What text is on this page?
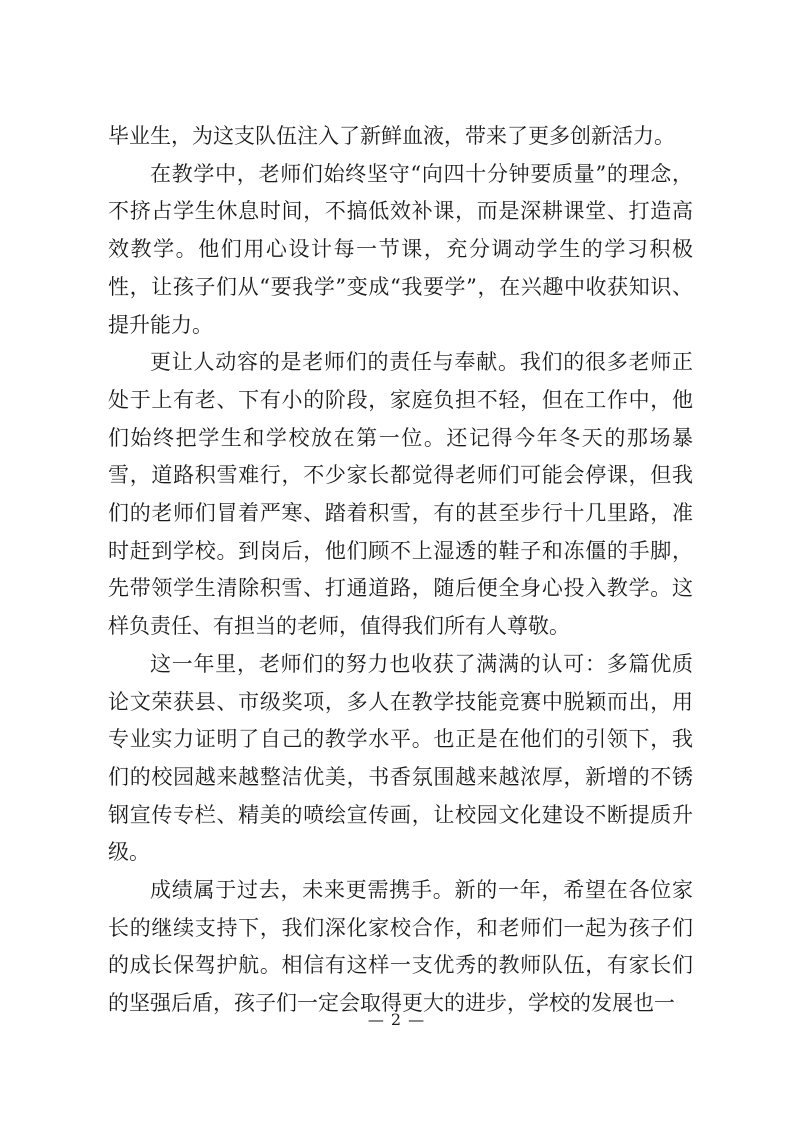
毕业生，为这支队伍注入了新鲜血液，带来了更多创新活力。

在教学中，老师们始终坚守“向四十分钟要质量”的理念，不挤占学生休息时间，不搞低效补课，而是深耕课堂、打造高效教学。他们用心设计每一节课，充分调动学生的学习积极性，让孩子们从“要我学”变成“我要学”，在兴趣中收获知识、提升能力。

更让人动容的是老师们的责任与奉献。我们的很多老师正处于上有老、下有小的阶段，家庭负担不轻，但在工作中，他们始终把学生和学校放在第一位。还记得今年冬天的那场暴雪，道路积雪难行，不少家长都觉得老师们可能会停课，但我们的老师们冒着严寒、踏着积雪，有的甚至步行十几里路，准时赶到学校。到岗后，他们顾不上湿透的鞋子和冻僵的手脚，先带领学生清除积雪、打通道路，随后便全身心投入教学。这样负责任、有担当的老师，值得我们所有人尊敬。

这一年里，老师们的努力也收获了满满的认可：多篇优质论文荣获县、市级奖项，多人在教学技能竞赛中脱颖而出，用专业实力证明了自己的教学水平。也正是在他们的引领下，我们的校园越来越整洁优美，书香氛围越来越浓厚，新增的不锈钢宣传专栏、精美的喷绘宣传画，让校园文化建设不断提质升级。

成绩属于过去，未来更需携手。新的一年，希望在各位家长的继续支持下，我们深化家校合作，和老师们一起为孩子们的成长保驾护航。相信有这样一支优秀的教师队伍，有家长们的坚强后盾，孩子们一定会取得更大的进步，学校的发展也一

— 2 —
